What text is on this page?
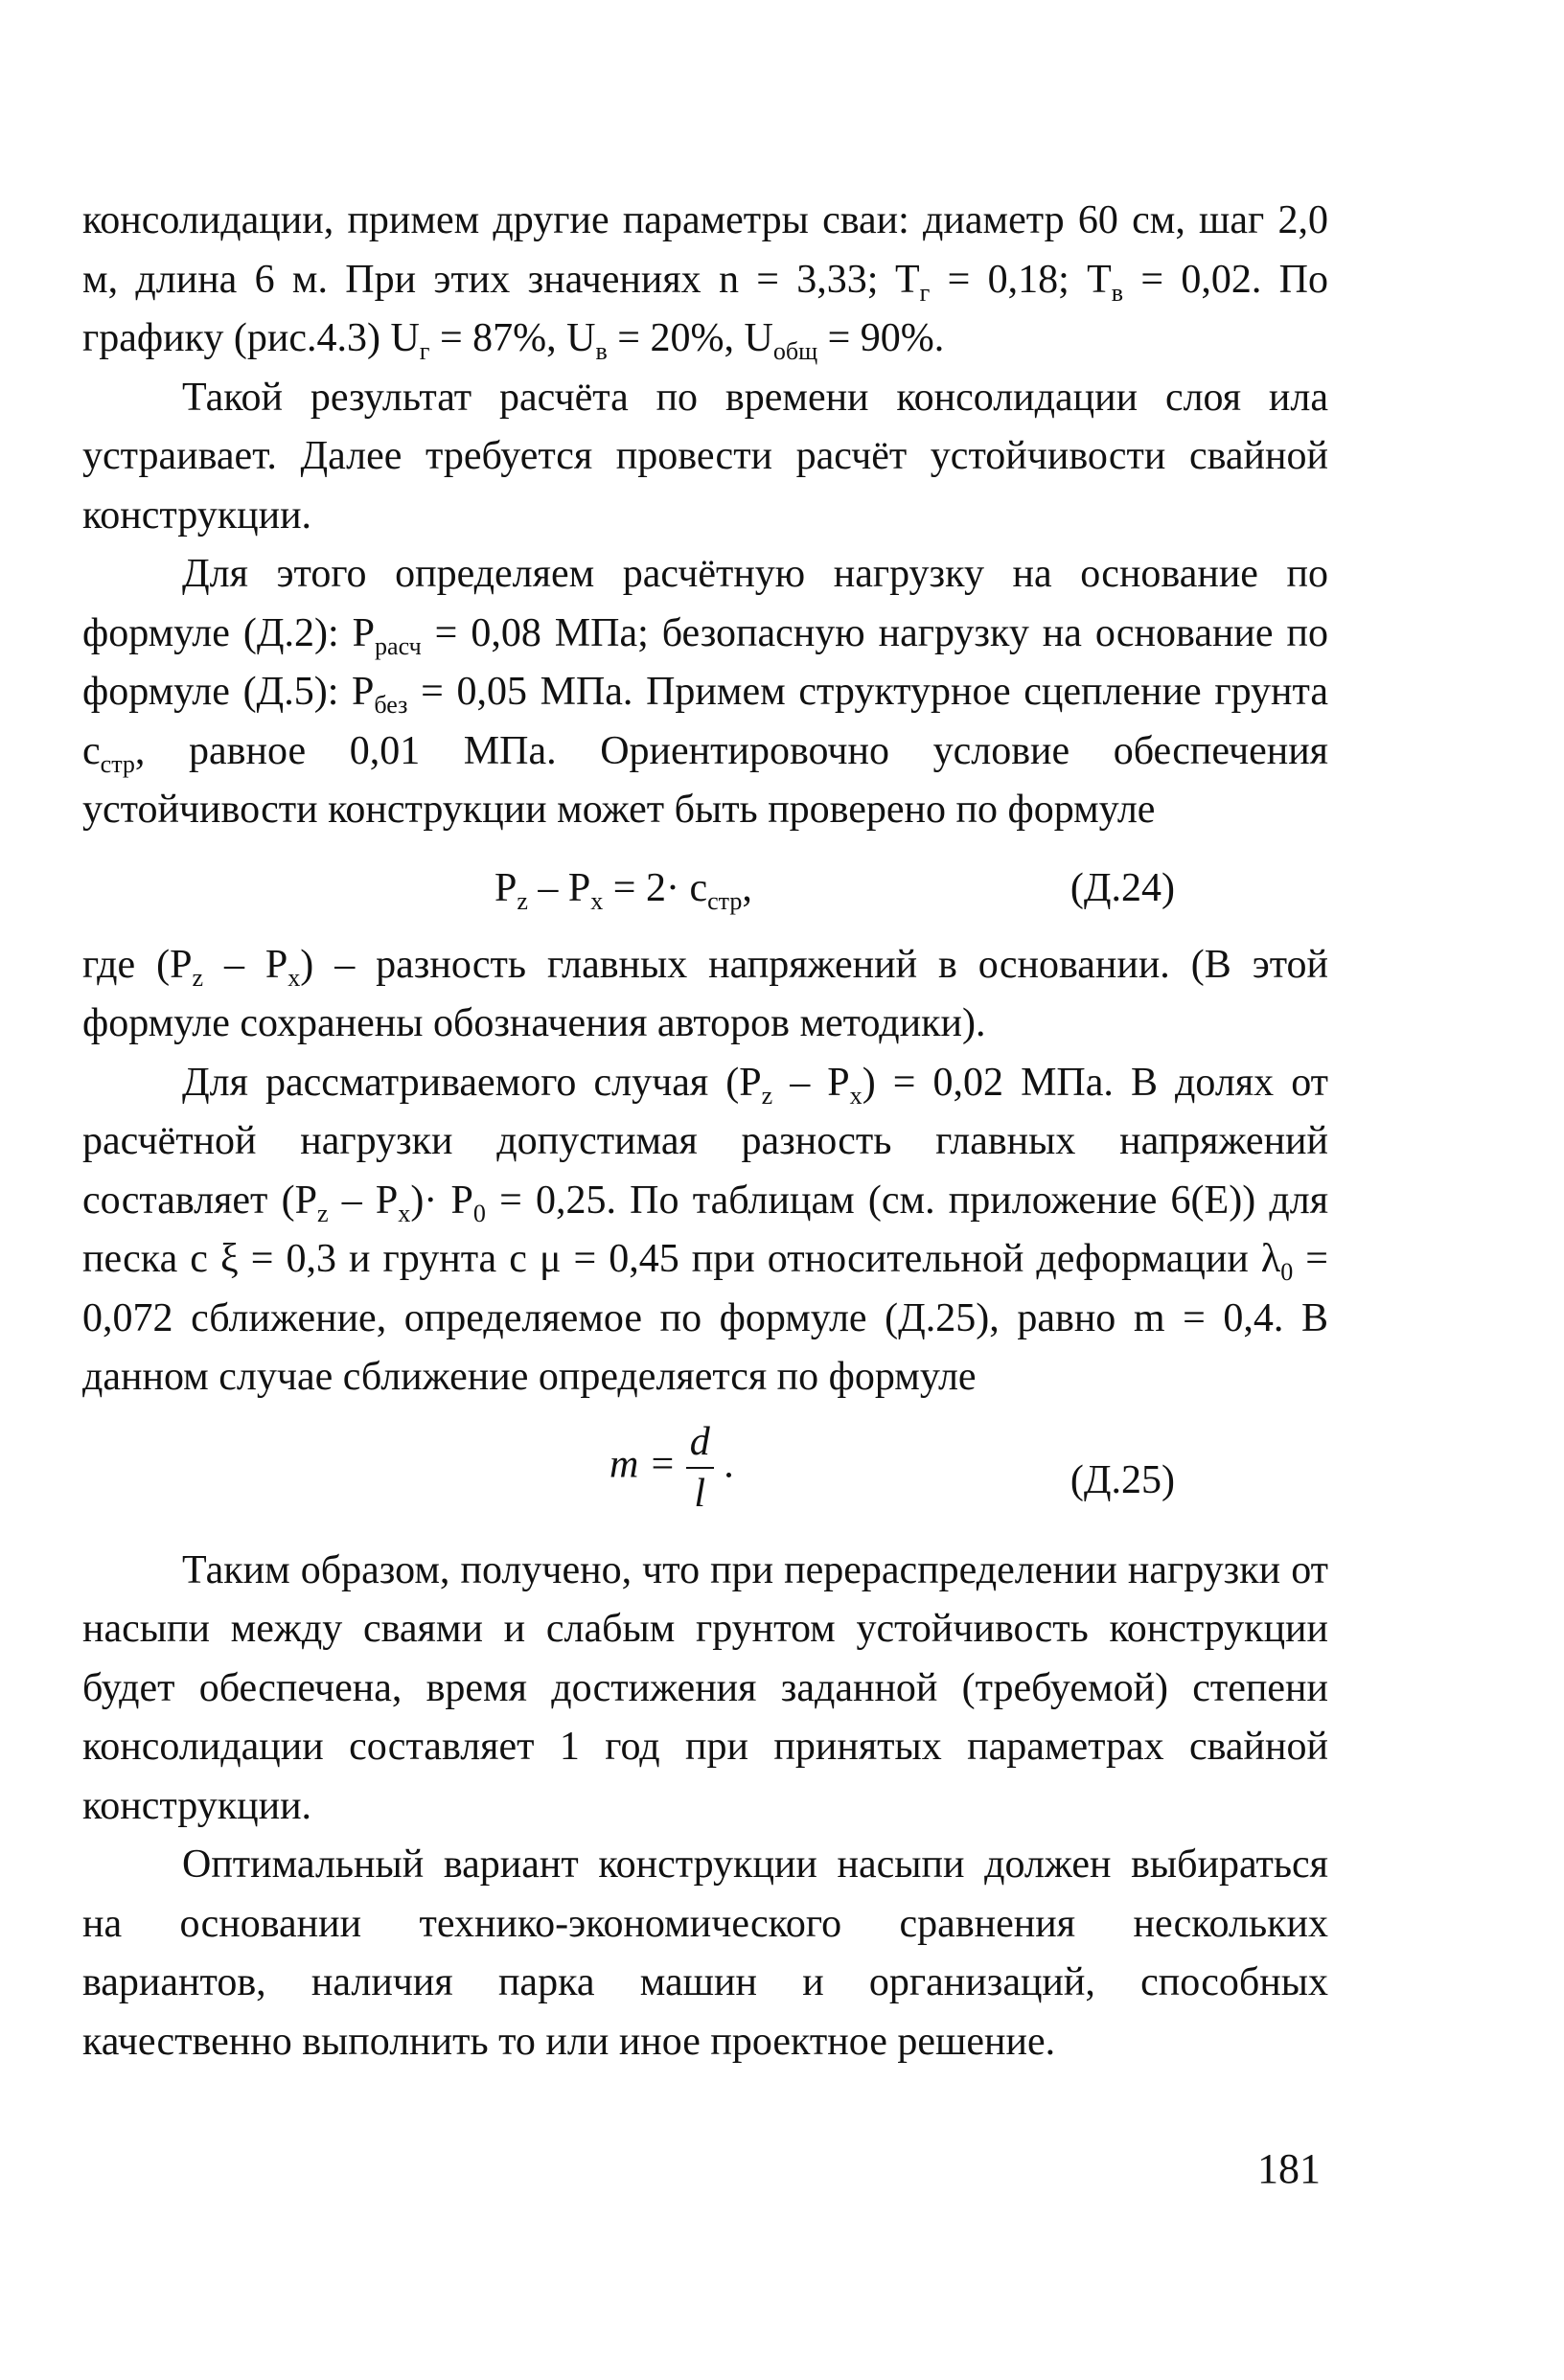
консолидации, примем другие параметры сваи: диаметр 60 см, шаг 2,0 м, длина 6 м. При этих значениях n = 3,33; $T_г = 0,18$; $T_в = 0,02$. По графику (рис.4.3) $U_г = 87\%$, $U_в = 20\%$, $U_{общ} = 90\%$.

Такой результат расчёта по времени консолидации слоя ила устраивает. Далее требуется провести расчёт устойчивости свайной конструкции.

Для этого определяем расчётную нагрузку на основание по формуле (Д.2): $P_{расч} = 0,08$ МПа; безопасную нагрузку на основание по формуле (Д.5): $P_{без} = 0,05$ МПа. Примем структурное сцепление грунта $c_{стр}$, равное 0,01 МПа. Ориентировочно условие обеспечения устойчивости конструкции может быть проверено по формуле

$P_z - P_x = 2\cdot c_{стр}$,	(Д.24)

где $(P_z - P_x)$ – разность главных напряжений в основании. (В этой формуле сохранены обозначения авторов методики).

Для рассматриваемого случая $(P_z - P_x) = 0,02$ МПа. В долях от расчётной нагрузки допустимая разность главных напряжений составляет $(P_z - P_x)\cdot P_0 = 0,25$. По таблицам (см. приложение 6(E)) для песка с ξ = 0,3 и грунта с μ = 0,45 при относительной деформации $\lambda_0 = 0,072$ сближение, определяемое по формуле (Д.25), равно m = 0,4. В данном случае сближение определяется по формуле

$m = \frac{d}{l}$ .	(Д.25)

Таким образом, получено, что при перераспределении нагрузки от насыпи между сваями и слабым грунтом устойчивость конструкции будет обеспечена, время достижения заданной (требуемой) степени консолидации составляет 1 год при принятых параметрах свайной конструкции.

Оптимальный вариант конструкции насыпи должен выбираться на основании технико-экономического сравнения нескольких вариантов, наличия парка машин и организаций, способных качественно выполнить то или иное проектное решение.

181
